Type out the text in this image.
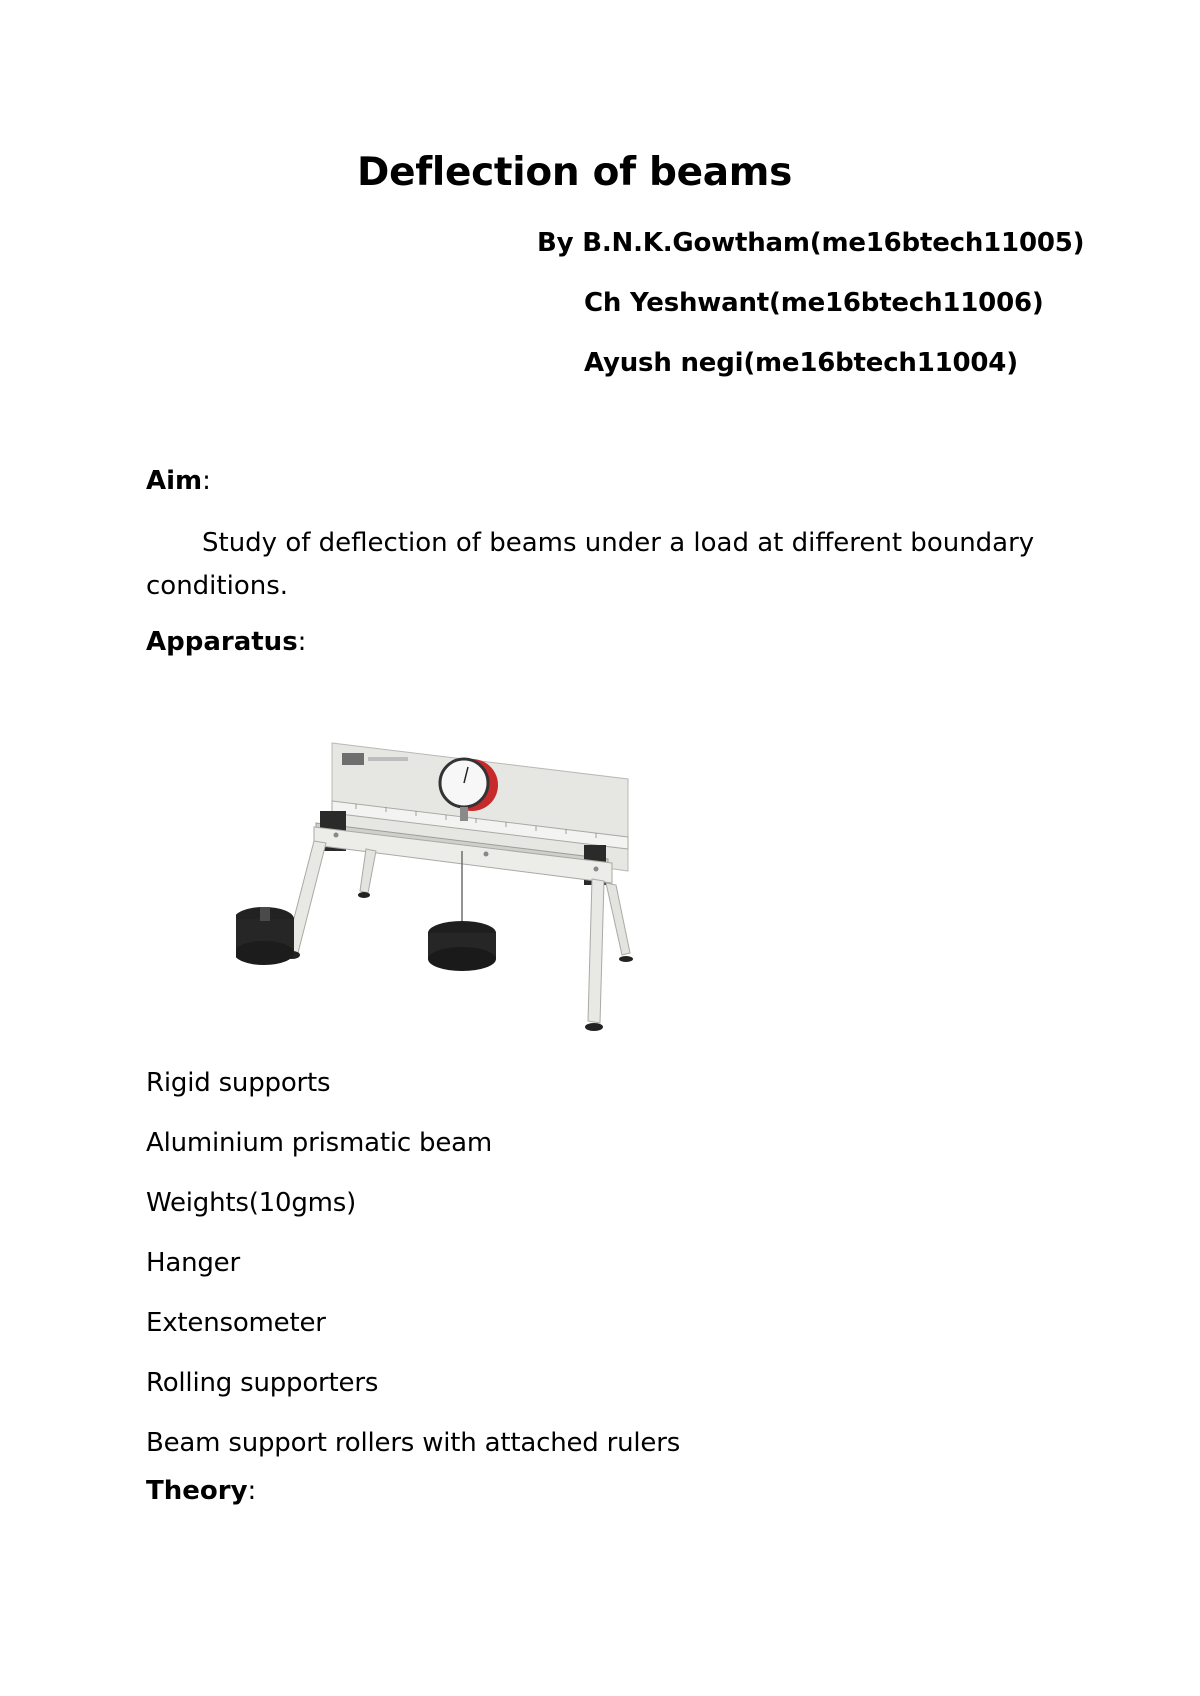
Deflection of beams
By B.N.K.Gowtham(me16btech11005)
Ch Yeshwant(me16btech11006)
Ayush negi(me16btech11004)
Aim:

Study of deflection of beams under a load at different boundary conditions.

Apparatus:
Rigid supports
Aluminium prismatic beam
Weights(10gms)
Hanger
Extensometer
Rolling supporters
Beam support rollers with attached rulers
Theory:
